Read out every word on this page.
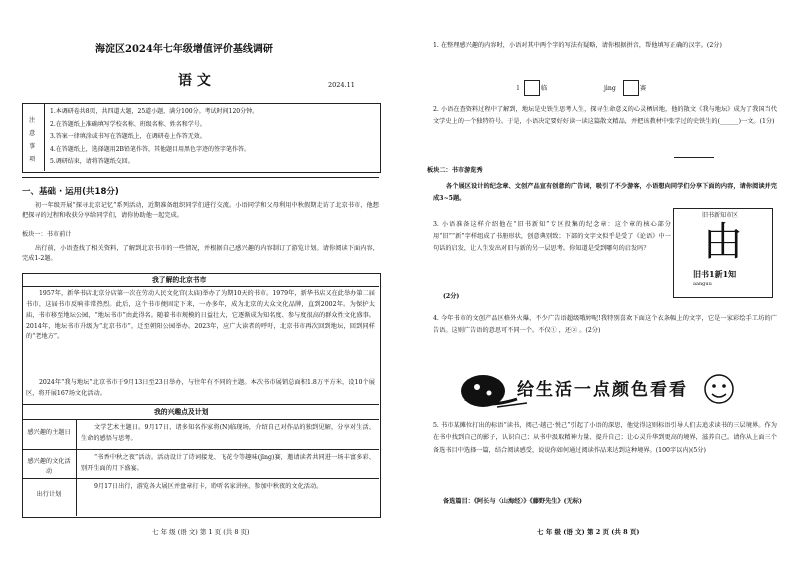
海淀区2024年七年级增值评价基线调研
语 文	2024.11
注
意
事
项
1.本调研卷共8页，共四道大题，25道小题，满分100分。考试时间120分钟。
2.在答题纸上准确填写学校名称、班级名称、姓名和学号。
3.答案一律填涂或书写在答题纸上，在调研卷上作答无效。
4.在答题纸上，选择题用2B铅笔作答，其他题目用黑色字迹的签字笔作答。
5.调研结束，请将答题纸交回。
一、基础 · 运用(共18分)
初一年级开展“探寻北京记忆”系列活动，近期准备组织同学们进行交流。小语同学和父母利用中秋假期走访了北京书市，他想把探寻的过程和收获分享给同学们，请你协助他一起完成。
板块一：书市前计
出行前，小语查找了相关资料，了解到北京书市的一些情况，并根据自己感兴趣的内容制订了游览计划。请你阅读下面内容，完成1-2题。
我了解的北京书市
1957年，新华书店北京分店第一次在劳动人民文化宫(太庙)举办了为期10天的书市。1979年，新华书店又在此举办第二届书市，这届书市反响非常热烈。此后，这个书市便固定下来，一办多年，成为北京的大众文化品牌，直到2002年。为保护太庙，书市移至地坛公园，“地坛书市”由此得名。随着书市规模的日益壮大，它逐渐成为知名度、参与度很高的群众性文化盛事。2014年，地坛书市升级为“北京书市”，迁至朝阳公园举办。2023年，应广大读者的呼吁，北京书市再次回到地坛，回到同样的“老地方”。
2024年“我与地坛”北京书市于9月13日至23日举办，与往年有不同的主题。本次书市展销总面积1.8万平方米，设10个展区，将开展167场文化活动。
我的兴趣点及计划
感兴趣的主题日
文学艺术主题日。9月17日，诸多知名作家将(N)临现场，介绍自己对作品的独到见解，分享对生活、生命的感悟与思考。
感兴趣的文化活动
“书香中秋之夜”活动。活动设计了诗词接龙、飞花令等趣味(jīng)赛，邀请读者共同进一场丰富多彩、别开生面的月下盛宴。
出行计划
9月17日出行，游览各大展区并盘章打卡，聆听名家讲座，参加中秋夜的文化活动。
七 年 级 (语 文) 第 1 页 (共 8 页)
1. 在整理感兴趣的内容时，小语对其中两个字的写法有疑略，请你根据拼音，帮他填写正确的汉字。(2分)
l	临	jìng	赛
2. 小语在查资料过程中了解到，地坛是史铁生思考人生，探寻生命意义的心灵栖居地，他的散文《我与地坛》成为了我国当代文学史上的一个独特符号。于是，小语决定要好好读一读这篇散文精品，并把该教材中张学过的史铁生的(______)一文。(1分)
板块二：书市游览秀
各个展区设计的纪念章、文创产品宣有创意的广告词，吸引了不少游客，小语想向同学们分享下面的内容，请你阅读并完成3~5题。
3. 小语准备这样介绍他在“旧书新知”专区投集的纪念章：这个章的核心部分用“旧”“新”字样组成了书册形状，创意典别致；下部的文字文似乎是受了《论语》中一句话的启发，让人生发出对旧与新的另一层思考。你知道是受到哪句的启发吗？
(2分)
旧书新知市区
由
旧书1新1知
aanguu
4. 今年书市的文创产品区格外火爆，不少广告语超级哦婷呢!我特别喜欢下面这个衣条幅上的文字，它是一家彩绘手工坊的广告语。这则广告语的意思可不同一个。不仅① ，还② 。(2分)
给生活一点颜色看看
5. 书市某摊位打出的标语“读书，阅己·越己·悦己”引起了小语的深思，他觉得这则标语引导人们去追求读书的三层境界。作为在书中找到自己的影子，认识自己；从书中汲取精神力量、提升自己；让心灵升华到更高的境界，滋养自己。请你从上面三个备选书目中选择一篇，结合阅读感受，说说你如何通过阅读作品来达到这种境界。(100字以内)(5分)
备选篇目：《阿长与〈山海经〉》《藤野先生》(无标)
七 年 级 (语 文) 第 2 页 (共 8 页)
